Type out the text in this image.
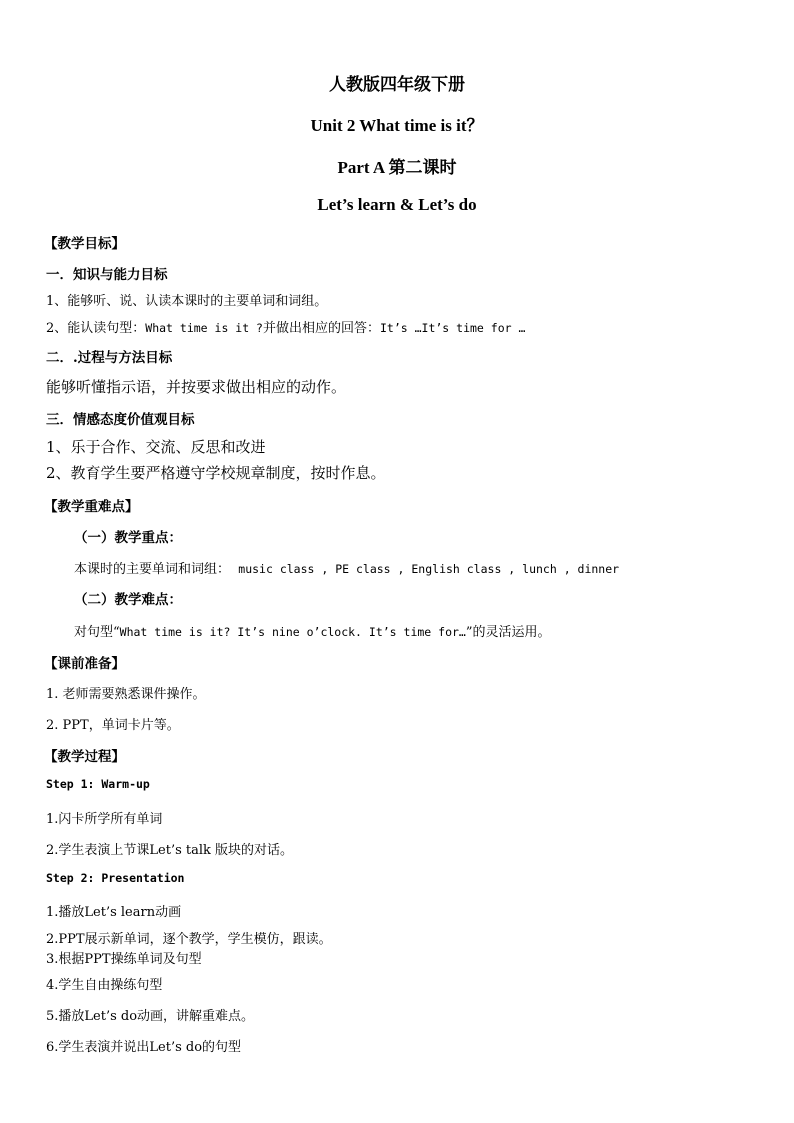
人教版四年级下册
Unit 2 What time is it？
Part A 第二课时
Let’s learn & Let’s do
【教学目标】
一．知识与能力目标
1、能够听、说、认读本课时的主要单词和词组。
2、能认读句型：What time is it ?并做出相应的回答：It’s …It’s time for …
二．.过程与方法目标
能够听懂指示语，并按要求做出相应的动作。
三．情感态度价值观目标
1、乐于合作、交流、反思和改进
2、教育学生要严格遵守学校规章制度，按时作息。
【教学重难点】
（一）教学重点：
本课时的主要单词和词组： music class , PE class , English class , lunch , dinner
（二）教学难点：
对句型“What time is it? It’s nine o’clock. It’s time for…”的灵活运用。
【课前准备】
1. 老师需要熟悉课件操作。
2. PPT，单词卡片等。
【教学过程】
Step 1: Warm-up
1.闪卡所学所有单词
2.学生表演上节课Let’s talk 版块的对话。
Step 2: Presentation
1.播放Let’s learn动画
2.PPT展示新单词，逐个教学，学生模仿，跟读。
3.根据PPT操练单词及句型
4.学生自由操练句型
5.播放Let’s do动画，讲解重难点。
6.学生表演并说出Let’s do的句型
